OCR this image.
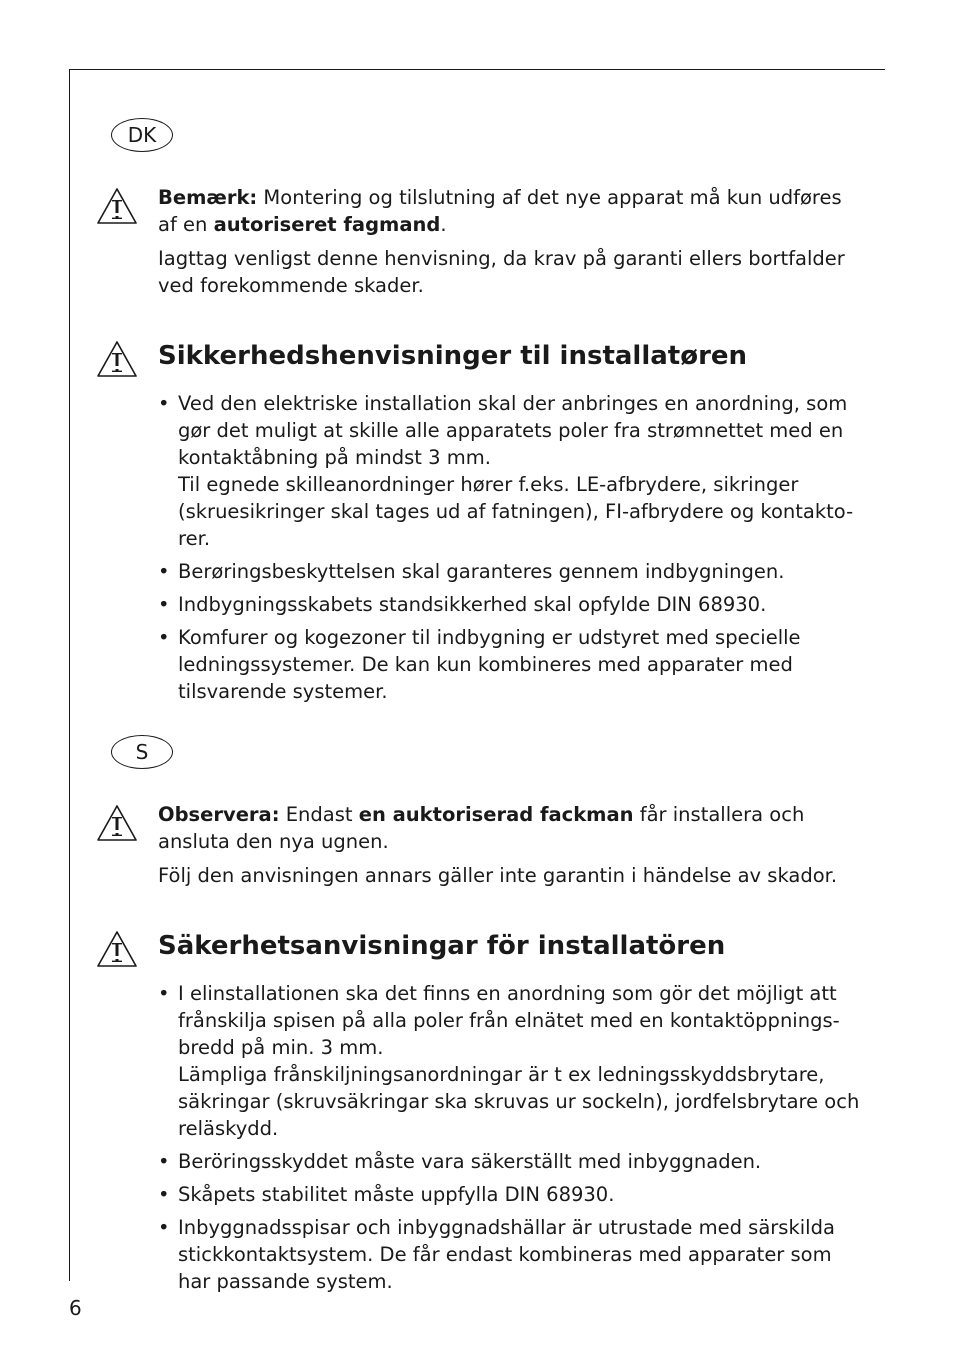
DK

Bemærk: Montering og tilslutning af det nye apparat må kun udføres af en autoriseret fagmand.

Iagttag venligst denne henvisning, da krav på garanti ellers bortfalder ved forekommende skader.

Sikkerhedshenvisninger til installatøren
• Ved den elektriske installation skal der anbringes en anordning, som gør det muligt at skille alle apparatets poler fra strømnettet med en kontaktåbning på mindst 3 mm.
Til egnede skilleanordninger hører f.eks. LE-afbrydere, sikringer (skruesikringer skal tages ud af fatningen), FI-afbrydere og kontakto-rer.
• Berøringsbeskyttelsen skal garanteres gennem indbygningen.
• Indbygningsskabets standsikkerhed skal opfylde DIN 68930.
• Komfurer og kogezoner til indbygning er udstyret med specielle ledningssystemer. De kan kun kombineres med apparater med tilsvarende systemer.
S

Observera: Endast en auktoriserad fackman får installera och ansluta den nya ugnen.

Följ den anvisningen annars gäller inte garantin i händelse av skador.

Säkerhetsanvisningar för installatören
• I elinstallationen ska det finns en anordning som gör det möjligt att frånskilja spisen på alla poler från elnätet med en kontaktöppnings-bredd på min. 3 mm.
Lämpliga frånskiljningsanordningar är t ex ledningsskyddsbrytare, säkringar (skruvsäkringar ska skruvas ur sockeln), jordfelsbrytare och reläskydd.
• Beröringsskyddet måste vara säkerställt med inbyggnaden.
• Skåpets stabilitet måste uppfylla DIN 68930.
• Inbyggnadsspisar och inbyggnadshällar är utrustade med särskilda stickkontaktsystem. De får endast kombineras med apparater som har passande system.
6
